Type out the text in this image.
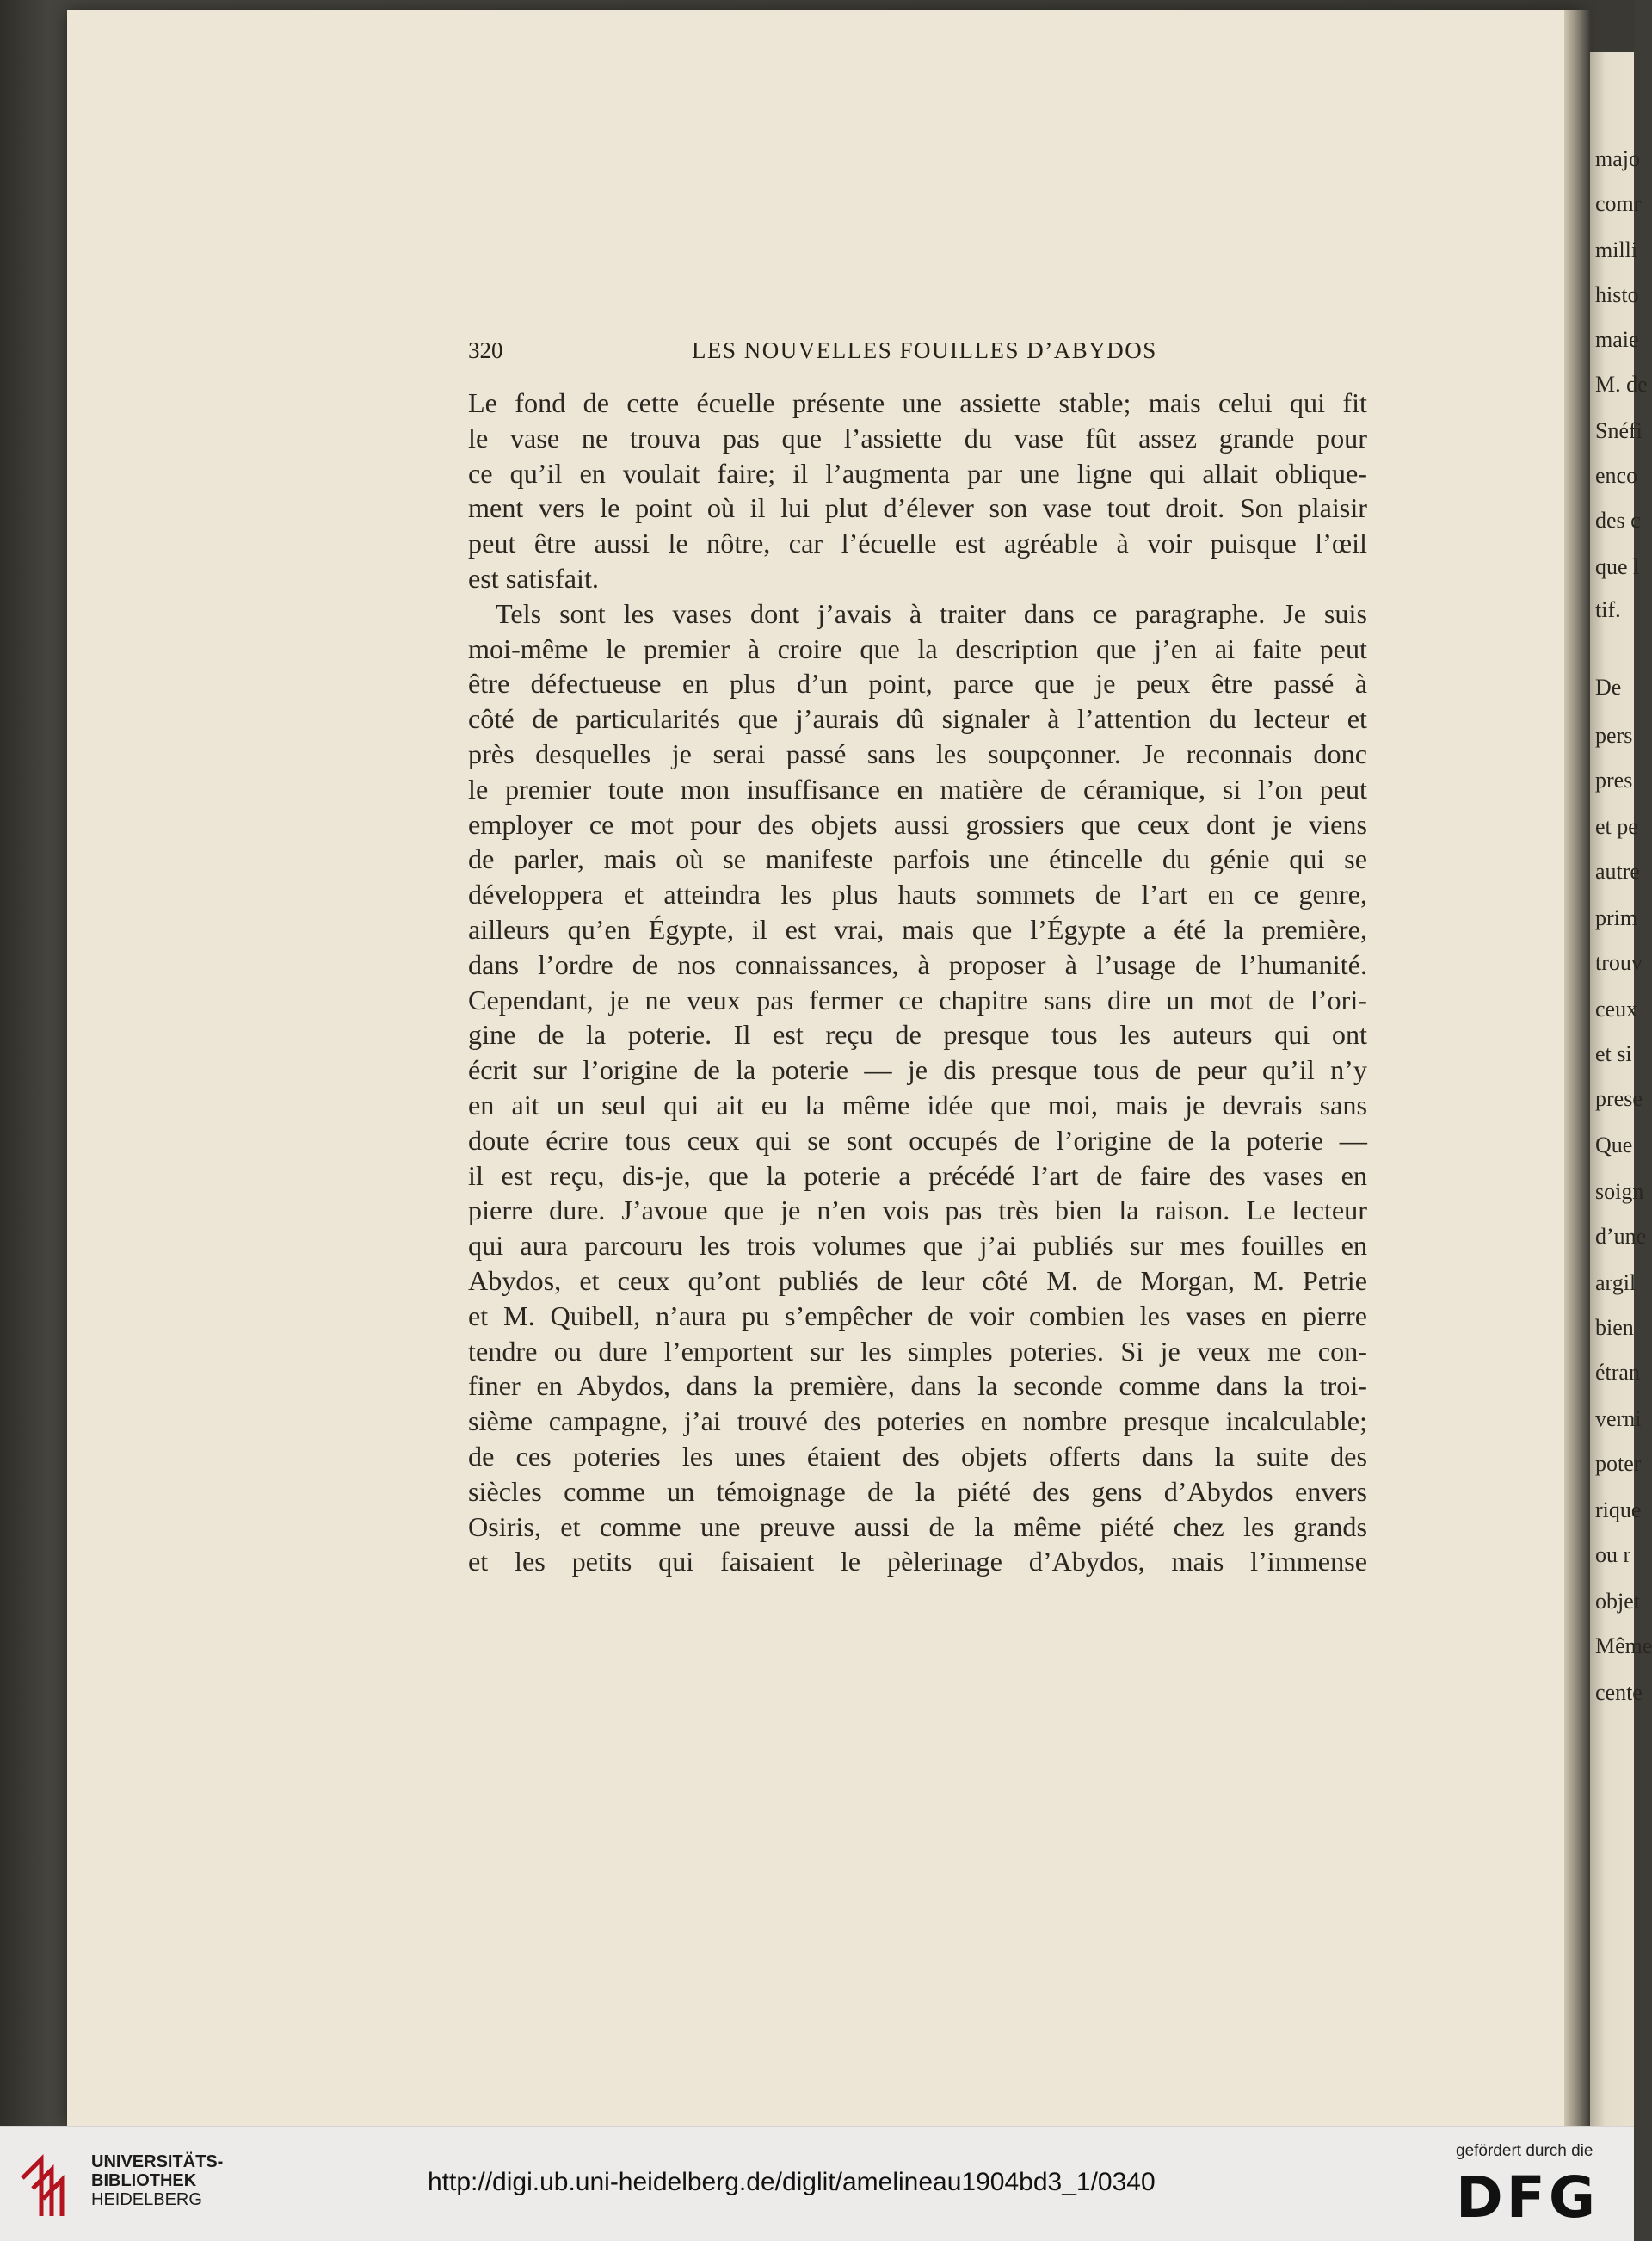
majo
comr
milli
histo
maie
M. de
Snéfi
enco
des c
que l
tif.
De
pers
pres
et pe
autre
prim
trouv
ceux
et si
prese
Que
soign
d’une
argil
bien
étran
verni
poter
rique
ou r
objet
Même
cente
320	LES NOUVELLES FOUILLES D’ABYDOS
Le fond de cette écuelle présente une assiette stable; mais celui qui fit
le vase ne trouva pas que l’assiette du vase fût assez grande pour
ce qu’il en voulait faire; il l’augmenta par une ligne qui allait oblique-
ment vers le point où il lui plut d’élever son vase tout droit. Son plaisir
peut être aussi le nôtre, car l’écuelle est agréable à voir puisque l’œil
est satisfait.
Tels sont les vases dont j’avais à traiter dans ce paragraphe. Je suis
moi-même le premier à croire que la description que j’en ai faite peut
être défectueuse en plus d’un point, parce que je peux être passé à
côté de particularités que j’aurais dû signaler à l’attention du lecteur et
près desquelles je serai passé sans les soupçonner. Je reconnais donc
le premier toute mon insuffisance en matière de céramique, si l’on peut
employer ce mot pour des objets aussi grossiers que ceux dont je viens
de parler, mais où se manifeste parfois une étincelle du génie qui se
développera et atteindra les plus hauts sommets de l’art en ce genre,
ailleurs qu’en Égypte, il est vrai, mais que l’Égypte a été la première,
dans l’ordre de nos connaissances, à proposer à l’usage de l’humanité.
Cependant, je ne veux pas fermer ce chapitre sans dire un mot de l’ori-
gine de la poterie. Il est reçu de presque tous les auteurs qui ont
écrit sur l’origine de la poterie — je dis presque tous de peur qu’il n’y
en ait un seul qui ait eu la même idée que moi, mais je devrais sans
doute écrire tous ceux qui se sont occupés de l’origine de la poterie —
il est reçu, dis-je, que la poterie a précédé l’art de faire des vases en
pierre dure. J’avoue que je n’en vois pas très bien la raison. Le lecteur
qui aura parcouru les trois volumes que j’ai publiés sur mes fouilles en
Abydos, et ceux qu’ont publiés de leur côté M. de Morgan, M. Petrie
et M. Quibell, n’aura pu s’empêcher de voir combien les vases en pierre
tendre ou dure l’emportent sur les simples poteries. Si je veux me con-
finer en Abydos, dans la première, dans la seconde comme dans la troi-
sième campagne, j’ai trouvé des poteries en nombre presque incalculable;
de ces poteries les unes étaient des objets offerts dans la suite des
siècles comme un témoignage de la piété des gens d’Abydos envers
Osiris, et comme une preuve aussi de la même piété chez les grands
et les petits qui faisaient le pèlerinage d’Abydos, mais l’immense
UNIVERSITÄTS-
BIBLIOTHEK
HEIDELBERG
http://digi.ub.uni-heidelberg.de/diglit/amelineau1904bd3_1/0340
gefördert durch die
DFG
